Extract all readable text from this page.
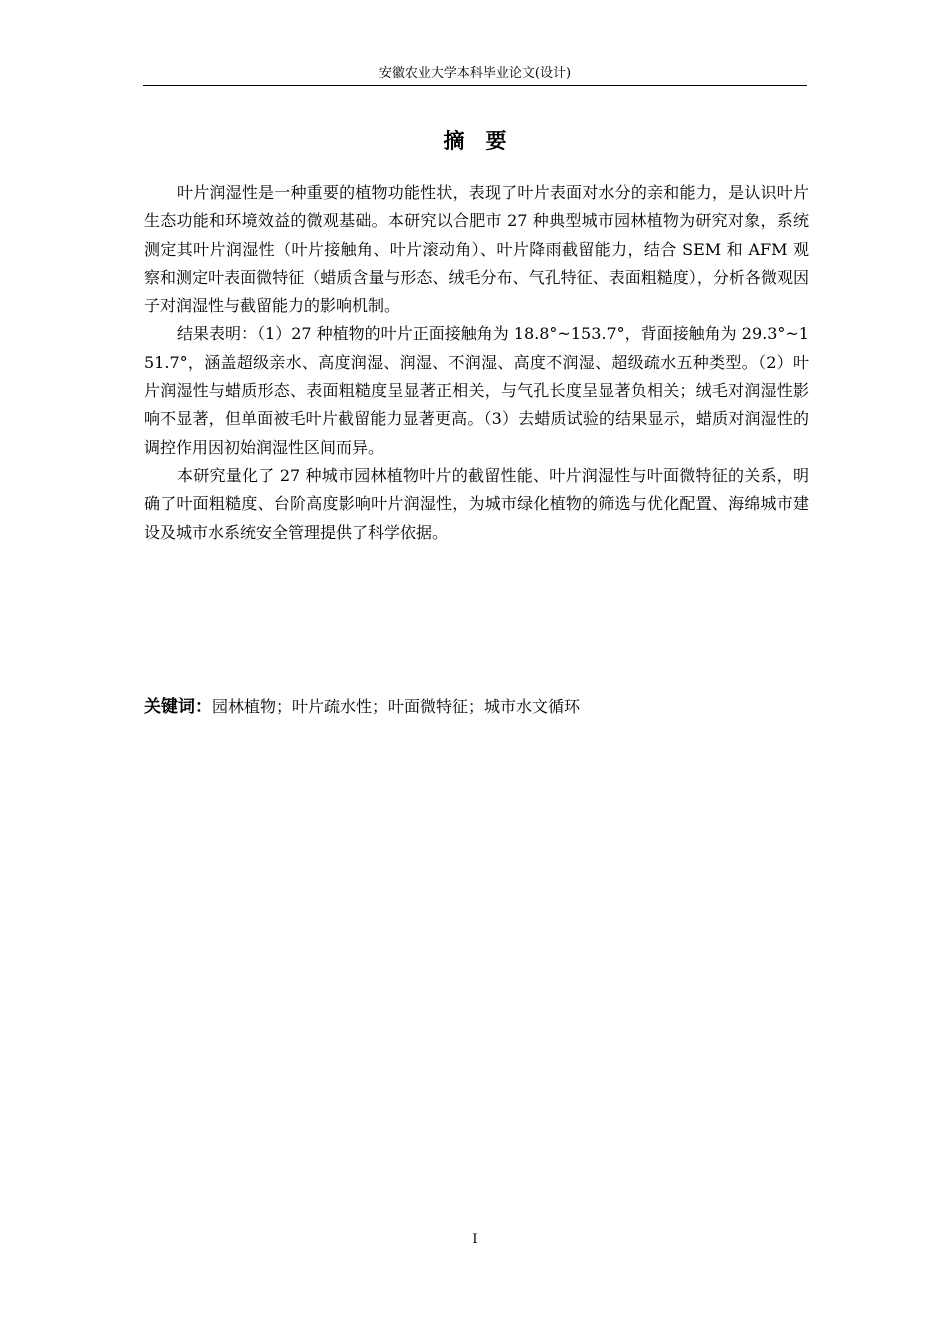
安徽农业大学本科毕业论文(设计)
摘　要

叶片润湿性是一种重要的植物功能性状，表现了叶片表面对水分的亲和能力，是认识叶片生态功能和环境效益的微观基础。本研究以合肥市 27 种典型城市园林植物为研究对象，系统测定其叶片润湿性（叶片接触角、叶片滚动角）、叶片降雨截留能力，结合 SEM 和 AFM 观察和测定叶表面微特征（蜡质含量与形态、绒毛分布、气孔特征、表面粗糙度），分析各微观因子对润湿性与截留能力的影响机制。

结果表明：（1）27 种植物的叶片正面接触角为 18.8°~153.7°，背面接触角为 29.3°~151.7°，涵盖超级亲水、高度润湿、润湿、不润湿、高度不润湿、超级疏水五种类型。（2）叶片润湿性与蜡质形态、表面粗糙度呈显著正相关，与气孔长度呈显著负相关；绒毛对润湿性影响不显著，但单面被毛叶片截留能力显著更高。（3）去蜡质试验的结果显示，蜡质对润湿性的调控作用因初始润湿性区间而异。

本研究量化了 27 种城市园林植物叶片的截留性能、叶片润湿性与叶面微特征的关系，明确了叶面粗糙度、台阶高度影响叶片润湿性，为城市绿化植物的筛选与优化配置、海绵城市建设及城市水系统安全管理提供了科学依据。

关键词：园林植物；叶片疏水性；叶面微特征；城市水文循环
I
